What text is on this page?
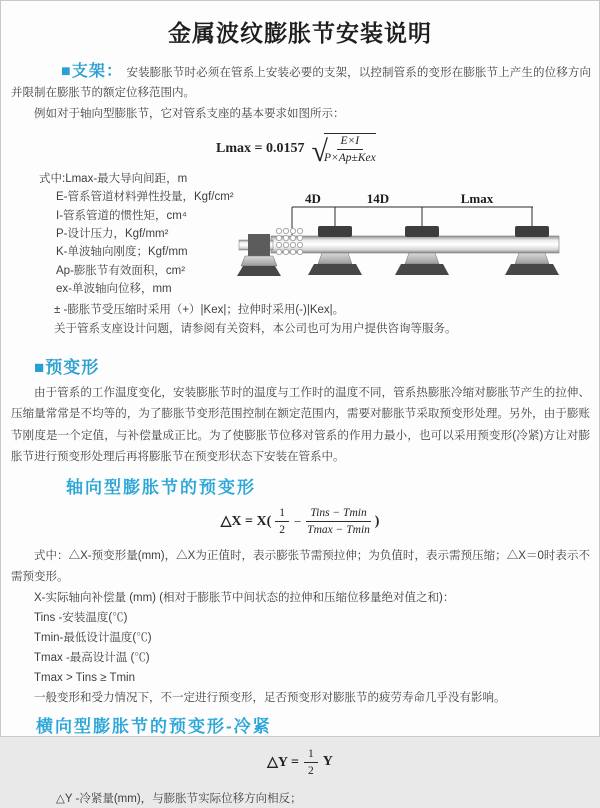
金属波纹膨胀节安装说明

■支架： 安装膨胀节时必须在管系上安装必要的支架，以控制管系的变形在膨胀节上产生的位移方向并限制在膨胀节的额定位移范围内。

例如对于轴向型膨胀节，它对管系支座的基本要求如图所示：

Lmax = 0.0157 √
$\frac{E\times I}{\text{P×Ap±Kex}}$

式中:Lmax-最大导向间距，m

E-管系管道材料弹性投量，Kgf/cm²

I-管系管道的惯性矩，cm⁴

P-设计压力，Kgf/mm²

K-单波轴向刚度；Kgf/mm

Ap-膨胀节有效面积，cm²

ex-单波轴向位移，mm

4D	14D	Lmax

± -膨胀节受压缩时采用（+）|Kex|；拉伸时采用(-)|Kex|。

关于管系支座设计问题，请参阅有关资料，本公司也可为用户提供咨询等服务。

■预变形

由于管系的工作温度变化，安装膨胀节时的温度与工作时的温度不同，管系热膨胀冷缩对膨胀节产生的拉伸、压缩量常常是不均等的，为了膨胀节变形范围控制在额定范围内，需要对膨胀节采取预变形处理。另外，由于膨账节刚度是一个定值，与补偿量成正比。为了使膨胀节位移对管系的作用力最小，也可以采用预变形(冷紧)方让对膨胀节进行预变形处理后再将膨胀节在预变形状态下安装在管系中。

轴向型膨胀节的预变形
△X = $X( \frac{1}{2} - \frac{\text{Tins − Tmin}}{Tmax - Tmin}$ )

式中：△X-预变形量(mm)，△X为正值时，表示膨张节需预拉伸；为负值时，表示需预压缩；△X＝0时表示不需预变形。

X-实际轴向补偿量 (mm) (相对于膨胀节中间状态的拉伸和压缩位移量绝对值之和)：

Tins -安装温度(℃)

Tmin-最低设计温度(℃)

Tmax -最高设计温 (℃)

Tmax > Tins ≥ Tmin

一般变形和受力情况下，不一定进行预变形，足否预变形对膨胀节的疲劳寿命几乎没有影响。

横向型膨胀节的预变形-冷紧
△Y = $\frac{1}{2}$ Y

△Y -冷紧量(mm)，与膨胀节实际位移方向相反；
